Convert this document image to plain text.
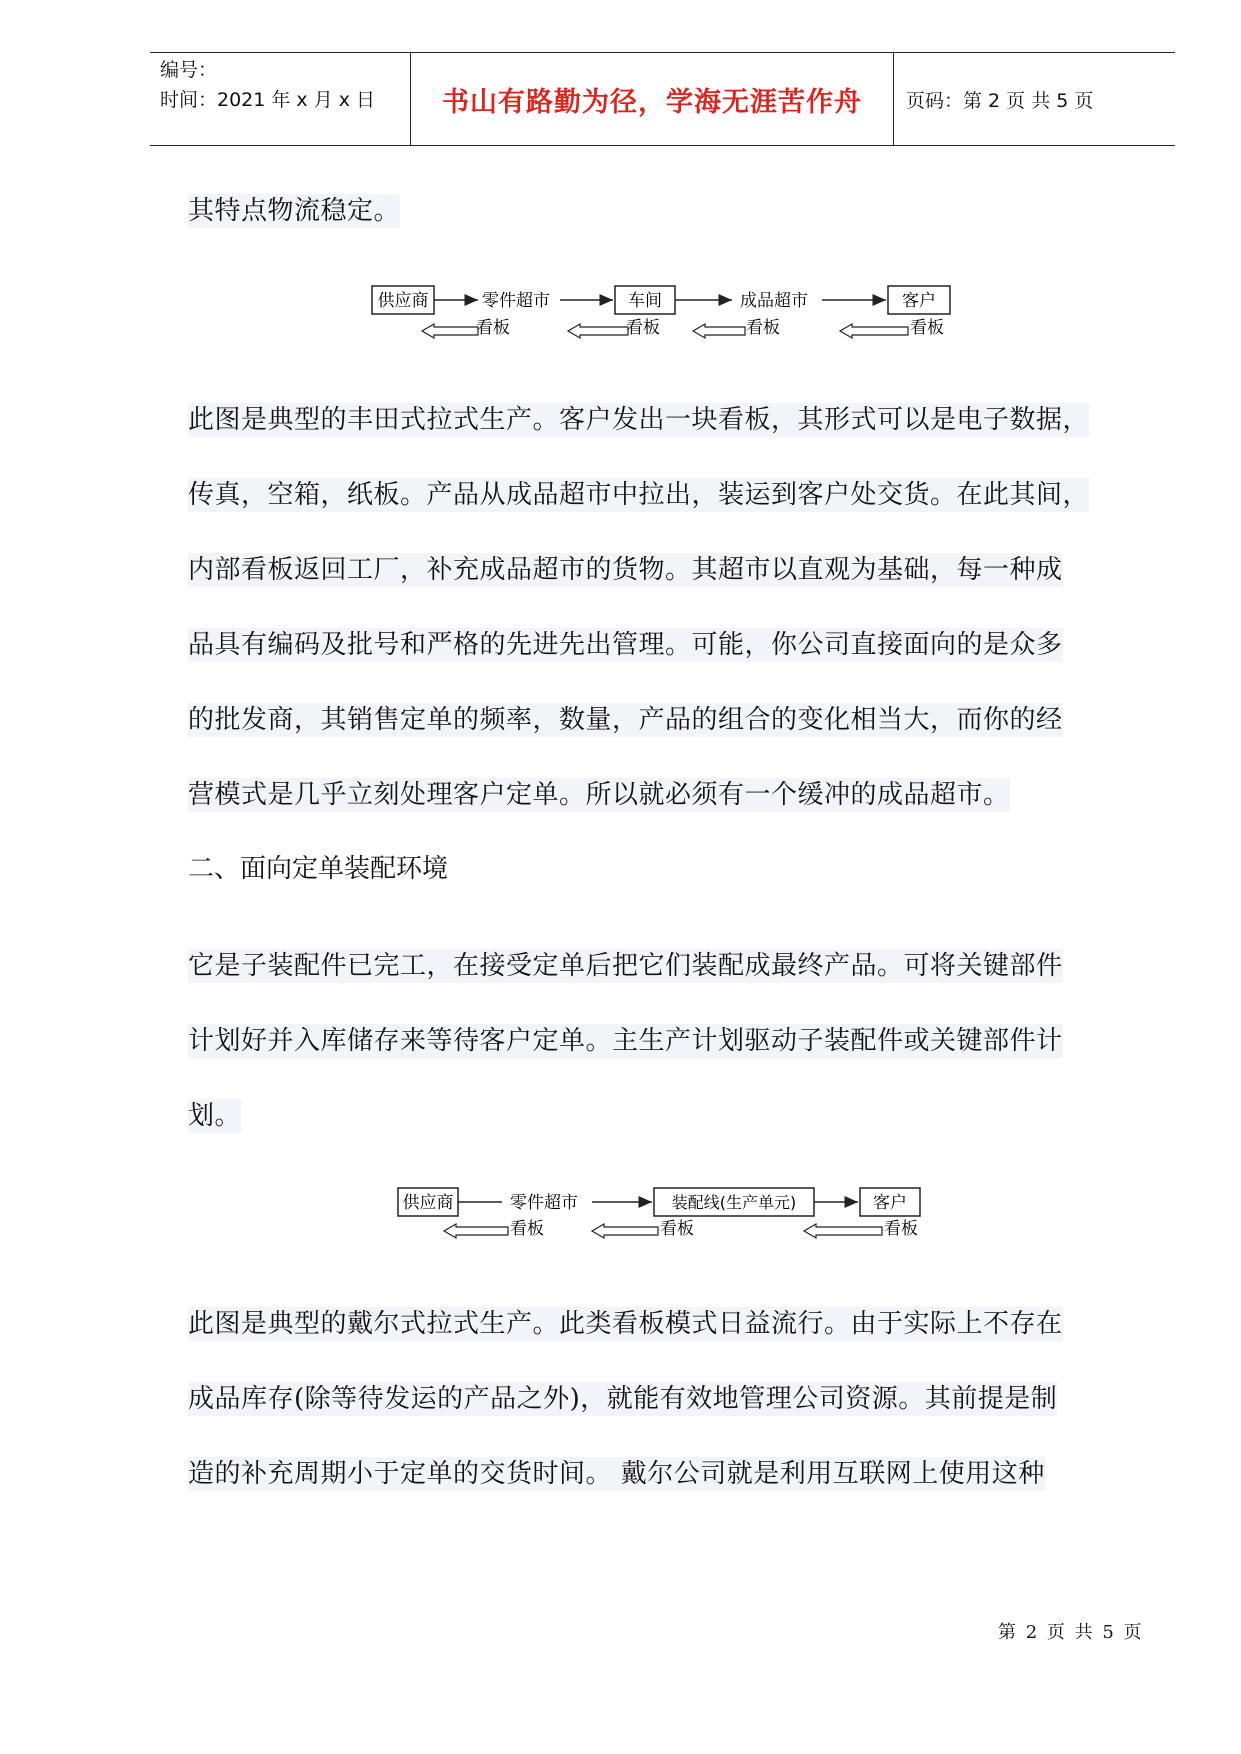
编号：
时间：2021 年 x 月 x 日	书山有路勤为径，学海无涯苦作舟 页码：第 2 页 共 5 页
其特点物流稳定。
供应商	车间	客户
零件超市	成品超市
看板	看板	看板	看板
此图是典型的丰田式拉式生产。客户发出一块看板，其形式可以是电子数据，
传真，空箱，纸板。产品从成品超市中拉出，装运到客户处交货。在此其间，
内部看板返回工厂，补充成品超市的货物。其超市以直观为基础，每一种成
品具有编码及批号和严格的先进先出管理。可能，你公司直接面向的是众多
的批发商，其销售定单的频率，数量，产品的组合的变化相当大，而你的经
营模式是几乎立刻处理客户定单。所以就必须有一个缓冲的成品超市。
二、面向定单装配环境
它是子装配件已完工，在接受定单后把它们装配成最终产品。可将关键部件
计划好并入库储存来等待客户定单。主生产计划驱动子装配件或关键部件计
划。
供应商	零件超市	装配线(生产单元)	客户
看板	看板	看板
此图是典型的戴尔式拉式生产。此类看板模式日益流行。由于实际上不存在
成品库存(除等待发运的产品之外)，就能有效地管理公司资源。其前提是制
造的补充周期小于定单的交货时间。 戴尔公司就是利用互联网上使用这种
第 2 页 共 5 页
